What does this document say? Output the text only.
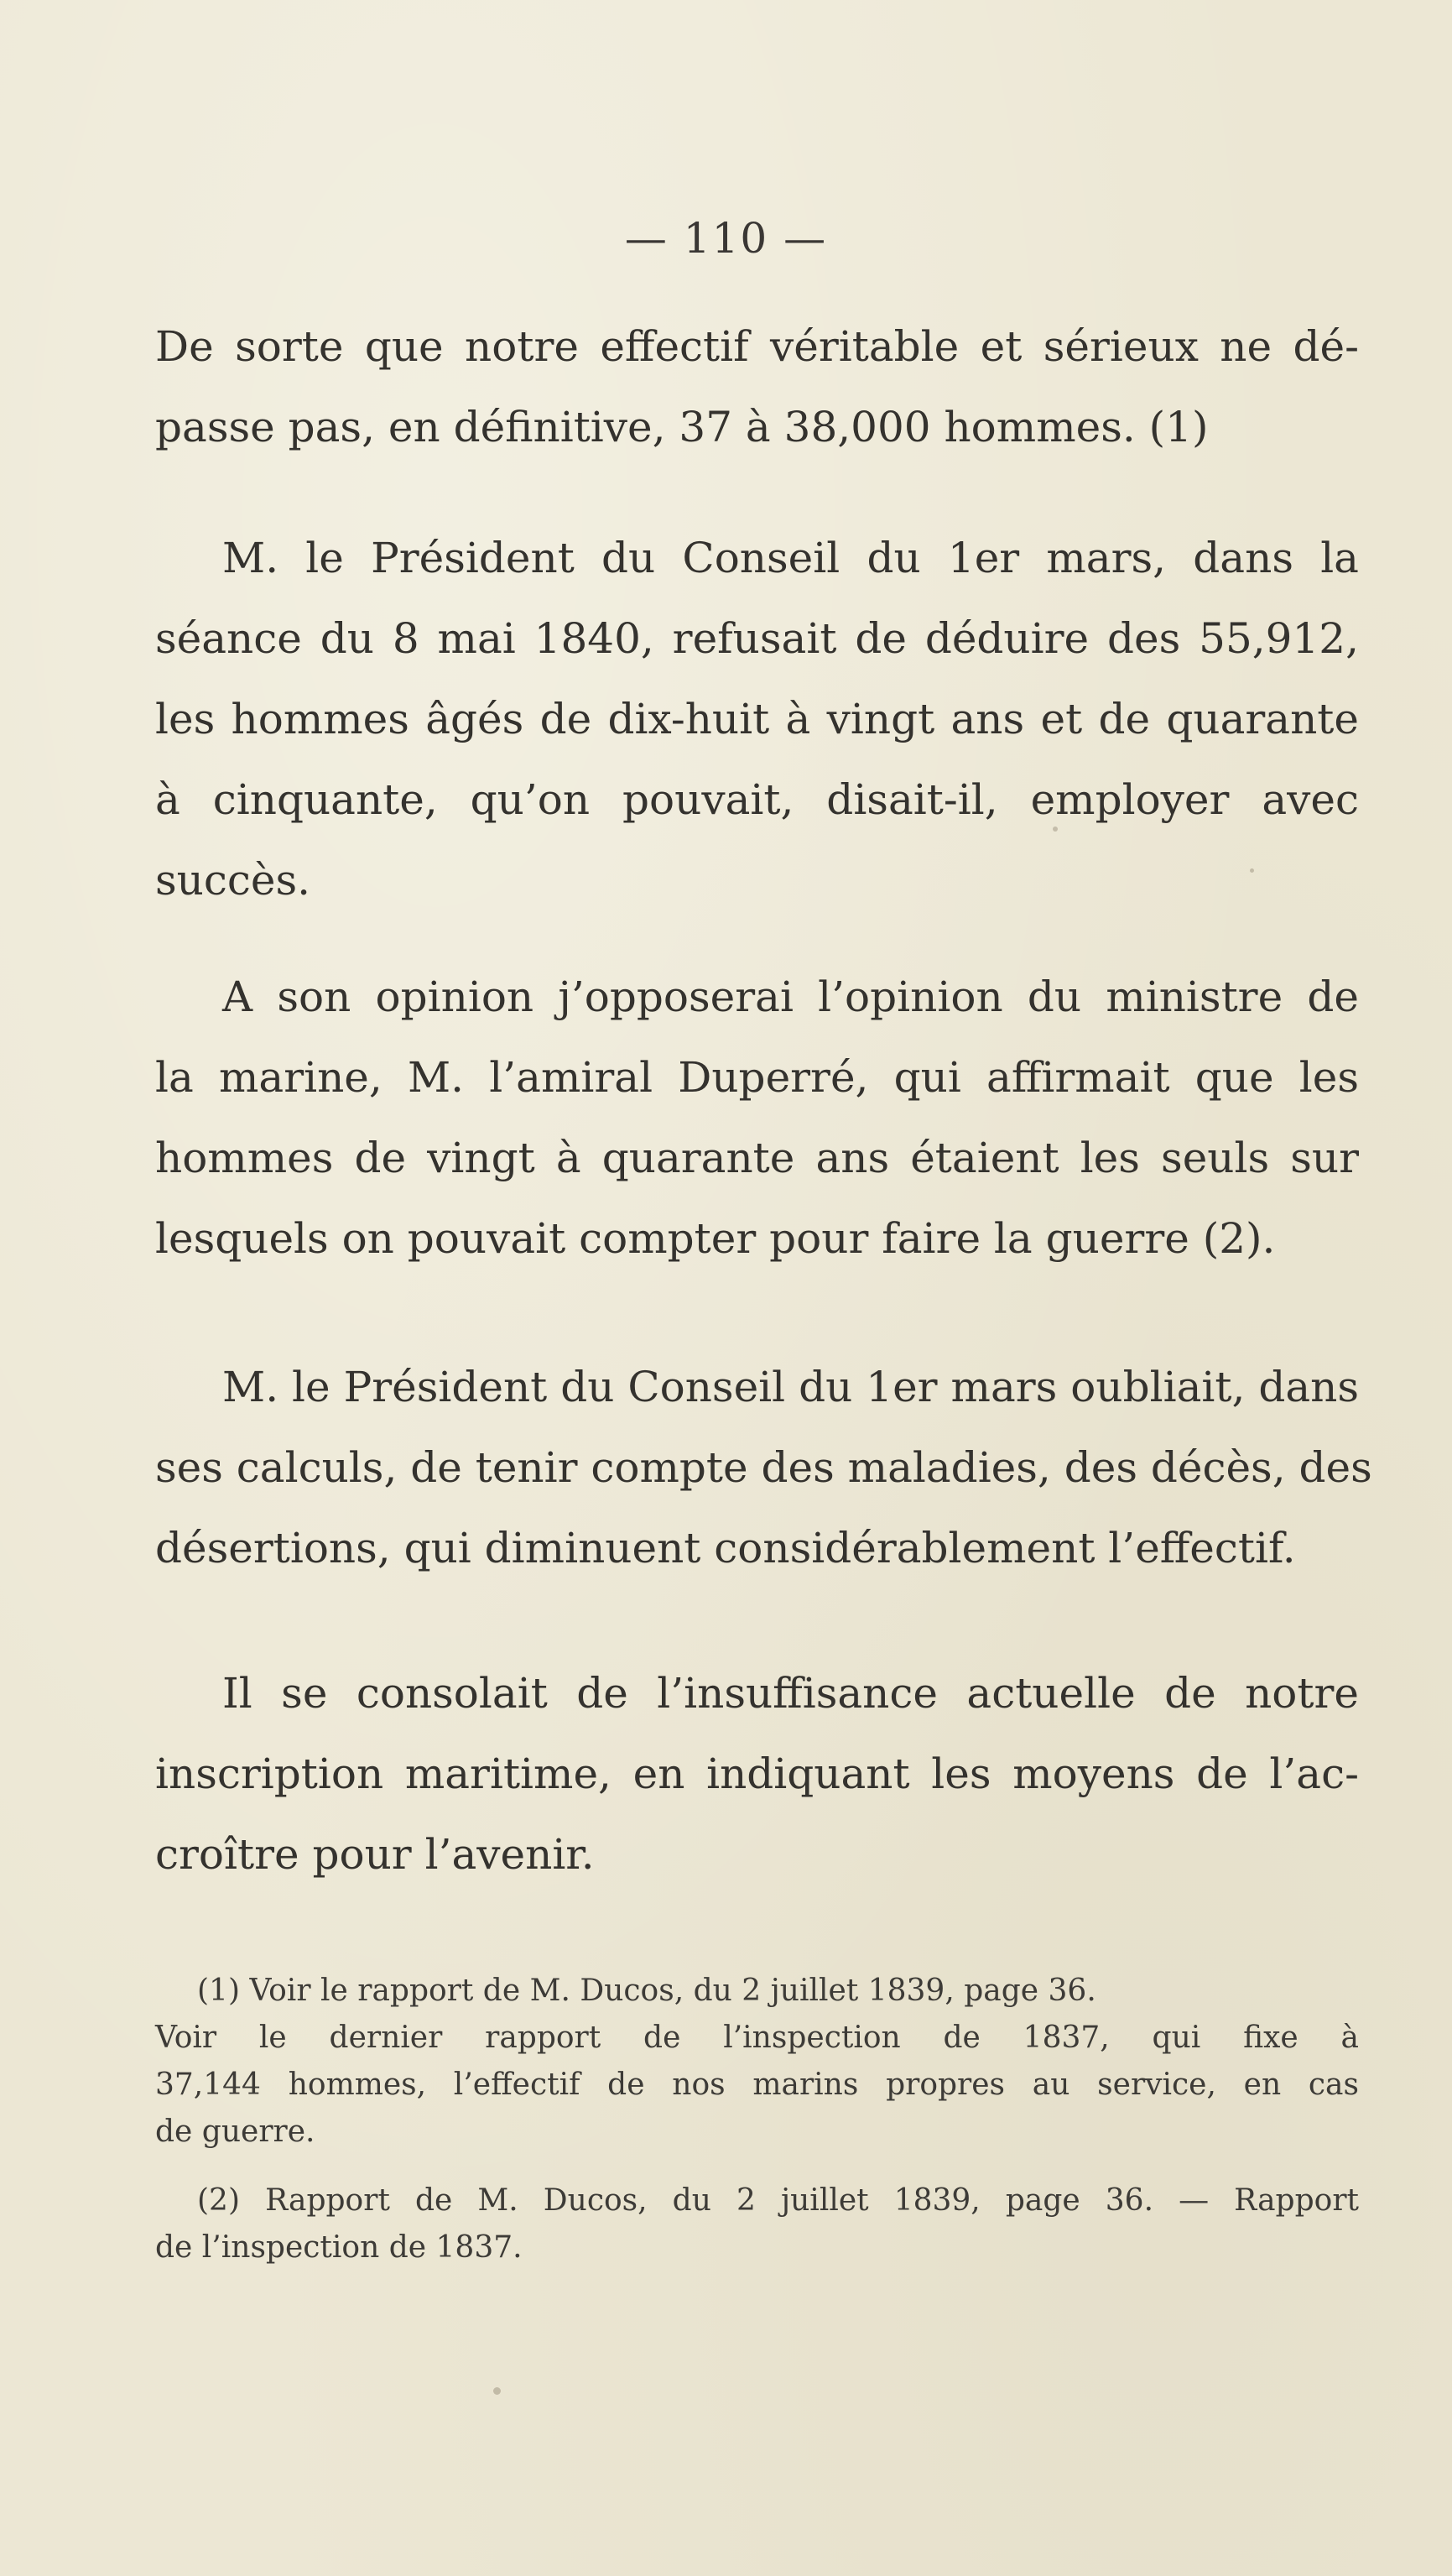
— 110 —
De sorte que notre effectif véritable et sérieux ne dé-
passe pas, en définitive, 37 à 38,000 hommes. (1)
M. le Président du Conseil du 1er mars, dans la
séance du 8 mai 1840, refusait de déduire des 55,912,
les hommes âgés de dix-huit à vingt ans et de quarante
à cinquante, qu’on pouvait, disait-il, employer avec
succès.
A son opinion j’opposerai l’opinion du ministre de
la marine, M. l’amiral Duperré, qui affirmait que les
hommes de vingt à quarante ans étaient les seuls sur
lesquels on pouvait compter pour faire la guerre (2).
M. le Président du Conseil du 1er mars oubliait, dans
ses calculs, de tenir compte des maladies, des décès, des
désertions, qui diminuent considérablement l’effectif.
Il se consolait de l’insuffisance actuelle de notre
inscription maritime, en indiquant les moyens de l’ac-
croître pour l’avenir.
(1) Voir le rapport de M. Ducos, du 2 juillet 1839, page 36.
Voir le dernier rapport de l’inspection de 1837, qui fixe à
37,144 hommes, l’effectif de nos marins propres au service, en cas
de guerre.
(2) Rapport de M. Ducos, du 2 juillet 1839, page 36. — Rapport
de l’inspection de 1837.
